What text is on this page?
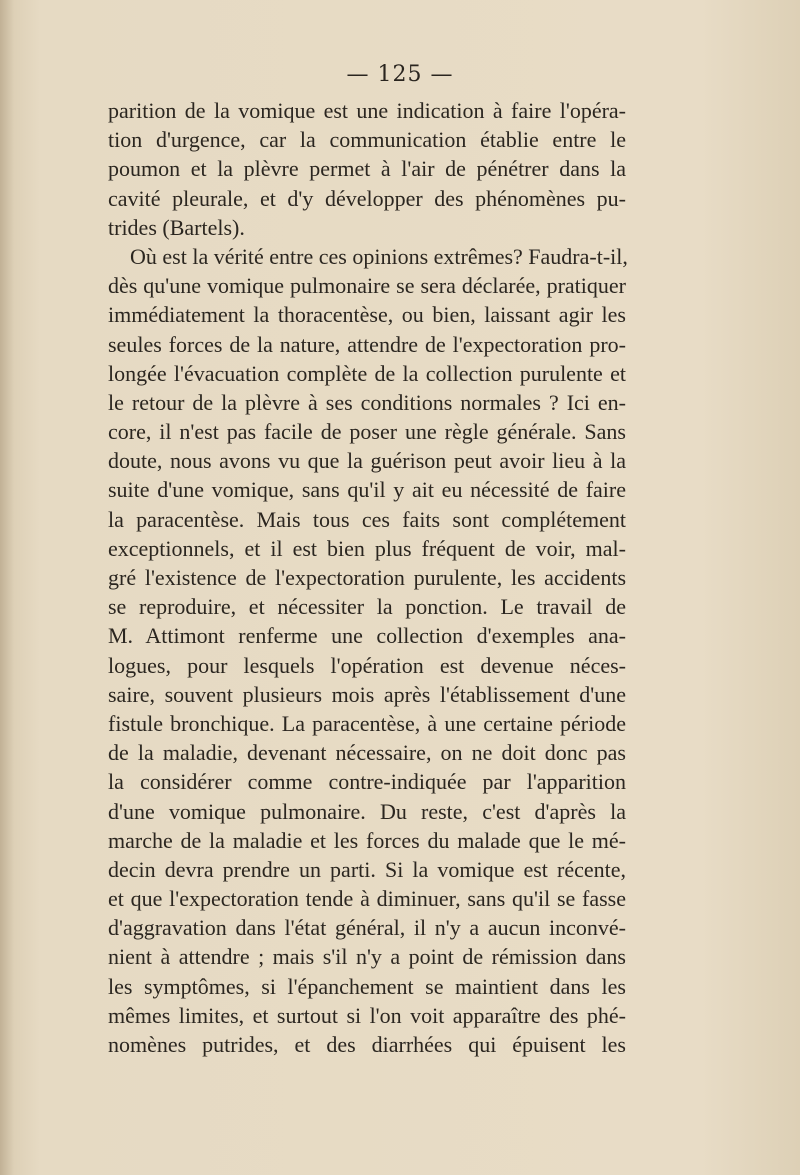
— 125 —
parition de la vomique est une indication à faire l'opéra-
tion d'urgence, car la communication établie entre le
poumon et la plèvre permet à l'air de pénétrer dans la
cavité pleurale, et d'y développer des phénomènes pu-
trides (Bartels).
Où est la vérité entre ces opinions extrêmes? Faudra-t-il,
dès qu'une vomique pulmonaire se sera déclarée, pratiquer
immédiatement la thoracentèse, ou bien, laissant agir les
seules forces de la nature, attendre de l'expectoration pro-
longée l'évacuation complète de la collection purulente et
le retour de la plèvre à ses conditions normales ? Ici en-
core, il n'est pas facile de poser une règle générale. Sans
doute, nous avons vu que la guérison peut avoir lieu à la
suite d'une vomique, sans qu'il y ait eu nécessité de faire
la paracentèse. Mais tous ces faits sont complétement
exceptionnels, et il est bien plus fréquent de voir, mal-
gré l'existence de l'expectoration purulente, les accidents
se reproduire, et nécessiter la ponction. Le travail de
M. Attimont renferme une collection d'exemples ana-
logues, pour lesquels l'opération est devenue néces-
saire, souvent plusieurs mois après l'établissement d'une
fistule bronchique. La paracentèse, à une certaine période
de la maladie, devenant nécessaire, on ne doit donc pas
la considérer comme contre-indiquée par l'apparition
d'une vomique pulmonaire. Du reste, c'est d'après la
marche de la maladie et les forces du malade que le mé-
decin devra prendre un parti. Si la vomique est récente,
et que l'expectoration tende à diminuer, sans qu'il se fasse
d'aggravation dans l'état général, il n'y a aucun inconvé-
nient à attendre ; mais s'il n'y a point de rémission dans
les symptômes, si l'épanchement se maintient dans les
mêmes limites, et surtout si l'on voit apparaître des phé-
nomènes putrides, et des diarrhées qui épuisent les
